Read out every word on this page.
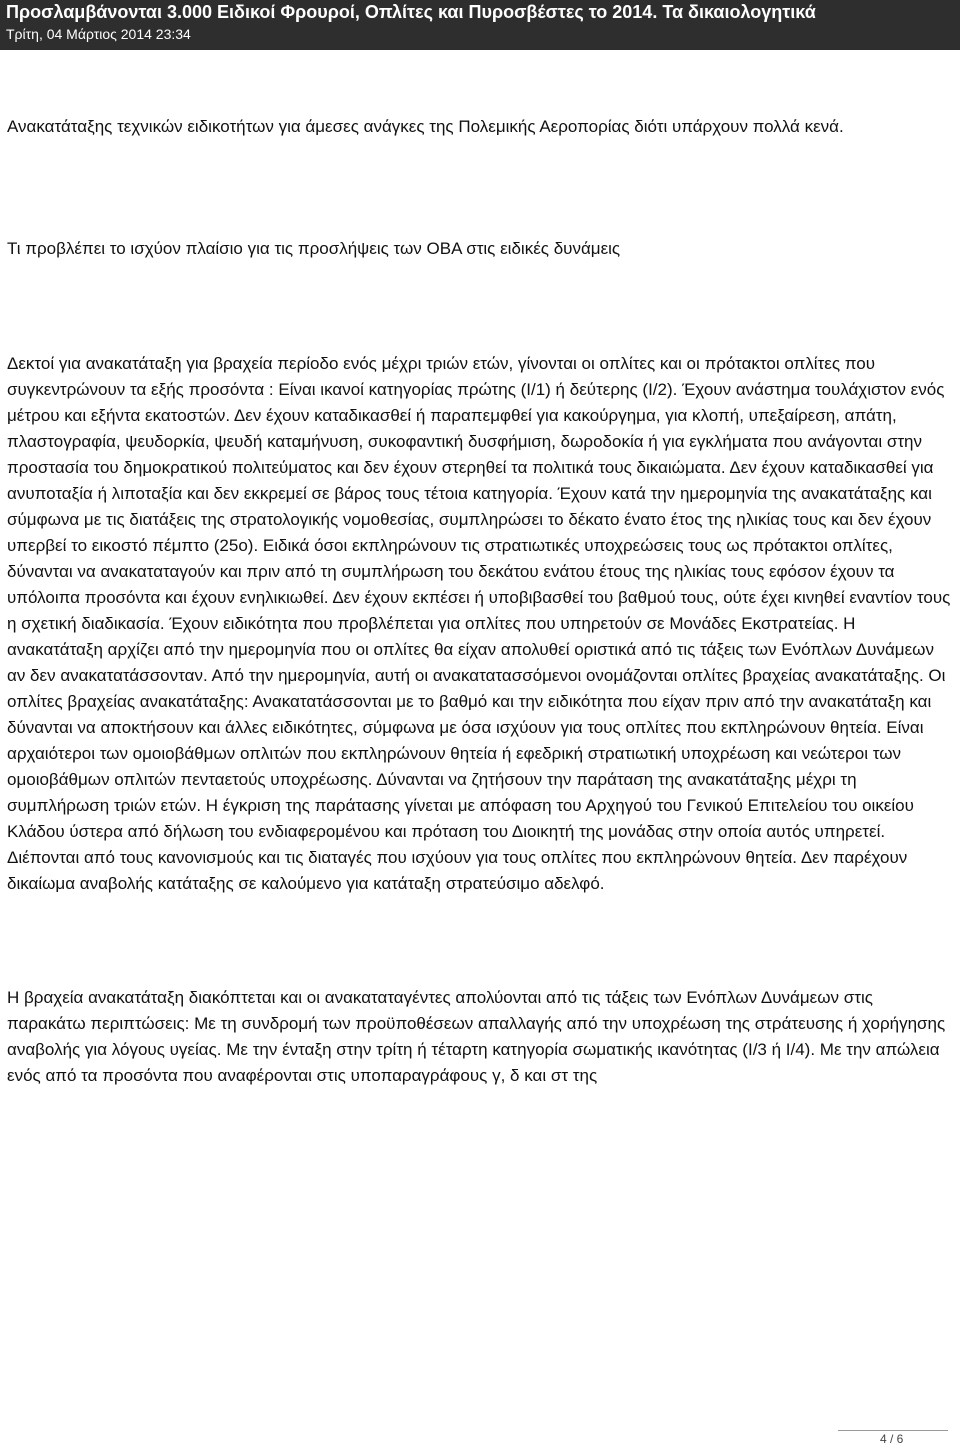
Προσλαμβάνονται 3.000 Ειδικοί Φρουροί, Οπλίτες και Πυροσβέστες το 2014. Τα δικαιολογητικά

Τρίτη, 04 Μάρτιος 2014 23:34

Ανακατάταξης τεχνικών ειδικοτήτων για άμεσες ανάγκες της Πολεμικής Αεροπορίας διότι υπάρχουν πολλά κενά.

Τι προβλέπει το ισχύον πλαίσιο για τις προσλήψεις των ΟΒΑ στις ειδικές δυνάμεις

Δεκτοί για ανακατάταξη για βραχεία περίοδο ενός μέχρι τριών ετών, γίνονται οι οπλίτες και οι πρότακτοι οπλίτες που συγκεντρώνουν τα εξής προσόντα : Είναι ικανοί κατηγορίας πρώτης (Ι/1) ή δεύτερης (Ι/2). Έχουν ανάστημα τουλάχιστον ενός μέτρου και εξήντα εκατοστών. Δεν έχουν καταδικασθεί ή παραπεμφθεί για κακούργημα, για κλοπή, υπεξαίρεση, απάτη, πλαστογραφία, ψευδορκία, ψευδή καταμήνυση, συκοφαντική δυσφήμιση, δωροδοκία ή για εγκλήματα που ανάγονται στην προστασία του δημοκρατικού πολιτεύματος και δεν έχουν στερηθεί τα πολιτικά τους δικαιώματα. Δεν έχουν καταδικασθεί για ανυποταξία ή λιποταξία και δεν εκκρεμεί σε βάρος τους τέτοια κατηγορία. Έχουν κατά την ημερομηνία της ανακατάταξης και σύμφωνα με τις διατάξεις της στρατολογικής νομοθεσίας, συμπληρώσει το δέκατο ένατο έτος της ηλικίας τους και δεν έχουν υπερβεί το εικοστό πέμπτο (25ο). Ειδικά όσοι εκπληρώνουν τις στρατιωτικές υποχρεώσεις τους ως πρότακτοι οπλίτες, δύνανται να ανακαταταγούν και πριν από τη συμπλήρωση του δεκάτου ενάτου έτους της ηλικίας τους εφόσον έχουν τα υπόλοιπα προσόντα και έχουν ενηλικιωθεί. Δεν έχουν εκπέσει ή υποβιβασθεί του βαθμού τους, ούτε έχει κινηθεί εναντίον τους η σχετική διαδικασία. Έχουν ειδικότητα που προβλέπεται για οπλίτες που υπηρετούν σε Μονάδες Εκστρατείας. Η ανακατάταξη αρχίζει από την ημερομηνία που οι οπλίτες θα είχαν απολυθεί οριστικά από τις τάξεις των Ενόπλων Δυνάμεων αν δεν ανακατατάσσονταν. Από την ημερομηνία, αυτή οι ανακατατασσόμενοι ονομάζονται οπλίτες βραχείας ανακατάταξης. Οι οπλίτες βραχείας ανακατάταξης: Ανακατατάσσονται με το βαθμό και την ειδικότητα που είχαν πριν από την ανακατάταξη και δύνανται να αποκτήσουν και άλλες ειδικότητες, σύμφωνα με όσα ισχύουν για τους οπλίτες που εκπληρώνουν θητεία. Είναι αρχαιότεροι των ομοιοβάθμων οπλιτών που εκπληρώνουν θητεία ή εφεδρική στρατιωτική υποχρέωση και νεώτεροι των ομοιοβάθμων οπλιτών πενταετούς υποχρέωσης. Δύνανται να ζητήσουν την παράταση της ανακατάταξης μέχρι τη συμπλήρωση τριών ετών. Η έγκριση της παράτασης γίνεται με απόφαση του Αρχηγού του Γενικού Επιτελείου του οικείου Κλάδου ύστερα από δήλωση του ενδιαφερομένου και πρόταση του Διοικητή της μονάδας στην οποία αυτός υπηρετεί. Διέπονται από τους κανονισμούς και τις διαταγές που ισχύουν για τους οπλίτες που εκπληρώνουν θητεία. Δεν παρέχουν δικαίωμα αναβολής κατάταξης σε καλούμενο για κατάταξη στρατεύσιμο αδελφό.

Η βραχεία ανακατάταξη διακόπτεται και οι ανακαταταγέντες απολύονται από τις τάξεις των Ενόπλων Δυνάμεων στις παρακάτω περιπτώσεις: Με τη συνδρομή των προϋποθέσεων απαλλαγής από την υποχρέωση της στράτευσης ή χορήγησης αναβολής για λόγους υγείας. Με την ένταξη στην τρίτη ή τέταρτη κατηγορία σωματικής ικανότητας (Ι/3 ή Ι/4). Με την απώλεια ενός από τα προσόντα που αναφέρονται στις υποπαραγράφους γ, δ και στ της

4 / 6
